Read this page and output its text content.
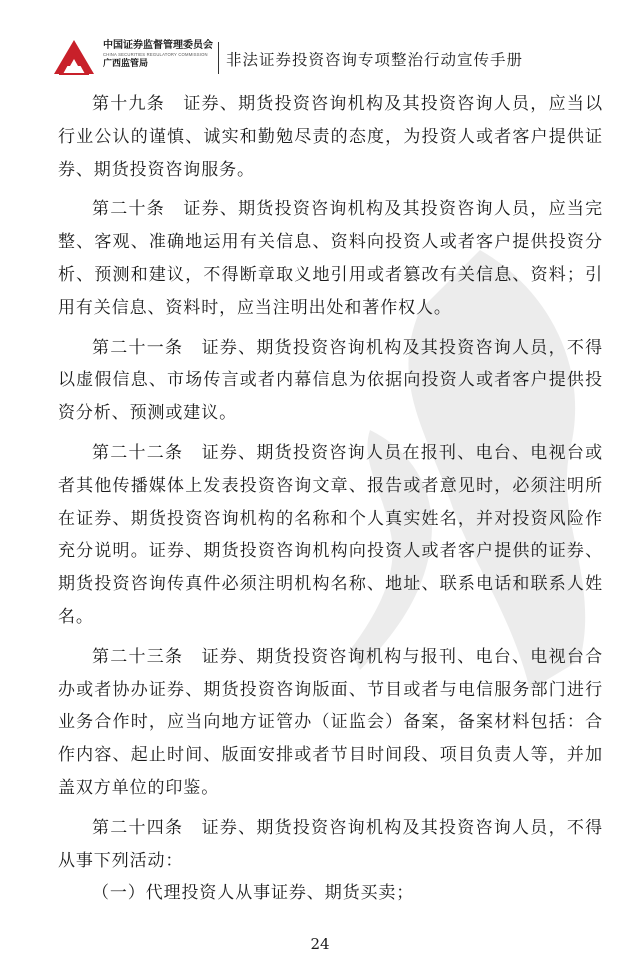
中国证券监督管理委员会
CHINA SECURITIES REGULATORY COMMISSION
广西监管局	非法证券投资咨询专项整治行动宣传手册

第十九条　证券、期货投资咨询机构及其投资咨询人员，应当以行业公认的谨慎、诚实和勤勉尽责的态度，为投资人或者客户提供证券、期货投资咨询服务。

第二十条　证券、期货投资咨询机构及其投资咨询人员，应当完整、客观、准确地运用有关信息、资料向投资人或者客户提供投资分析、预测和建议，不得断章取义地引用或者篡改有关信息、资料；引用有关信息、资料时，应当注明出处和著作权人。

第二十一条　证券、期货投资咨询机构及其投资咨询人员，不得以虚假信息、市场传言或者内幕信息为依据向投资人或者客户提供投资分析、预测或建议。

第二十二条　证券、期货投资咨询人员在报刊、电台、电视台或者其他传播媒体上发表投资咨询文章、报告或者意见时，必须注明所在证券、期货投资咨询机构的名称和个人真实姓名，并对投资风险作充分说明。证券、期货投资咨询机构向投资人或者客户提供的证券、期货投资咨询传真件必须注明机构名称、地址、联系电话和联系人姓名。

第二十三条　证券、期货投资咨询机构与报刊、电台、电视台合办或者协办证券、期货投资咨询版面、节目或者与电信服务部门进行业务合作时，应当向地方证管办（证监会）备案，备案材料包括：合作内容、起止时间、版面安排或者节目时间段、项目负责人等，并加盖双方单位的印鉴。

第二十四条　证券、期货投资咨询机构及其投资咨询人员，不得从事下列活动：

（一）代理投资人从事证券、期货买卖；

24
